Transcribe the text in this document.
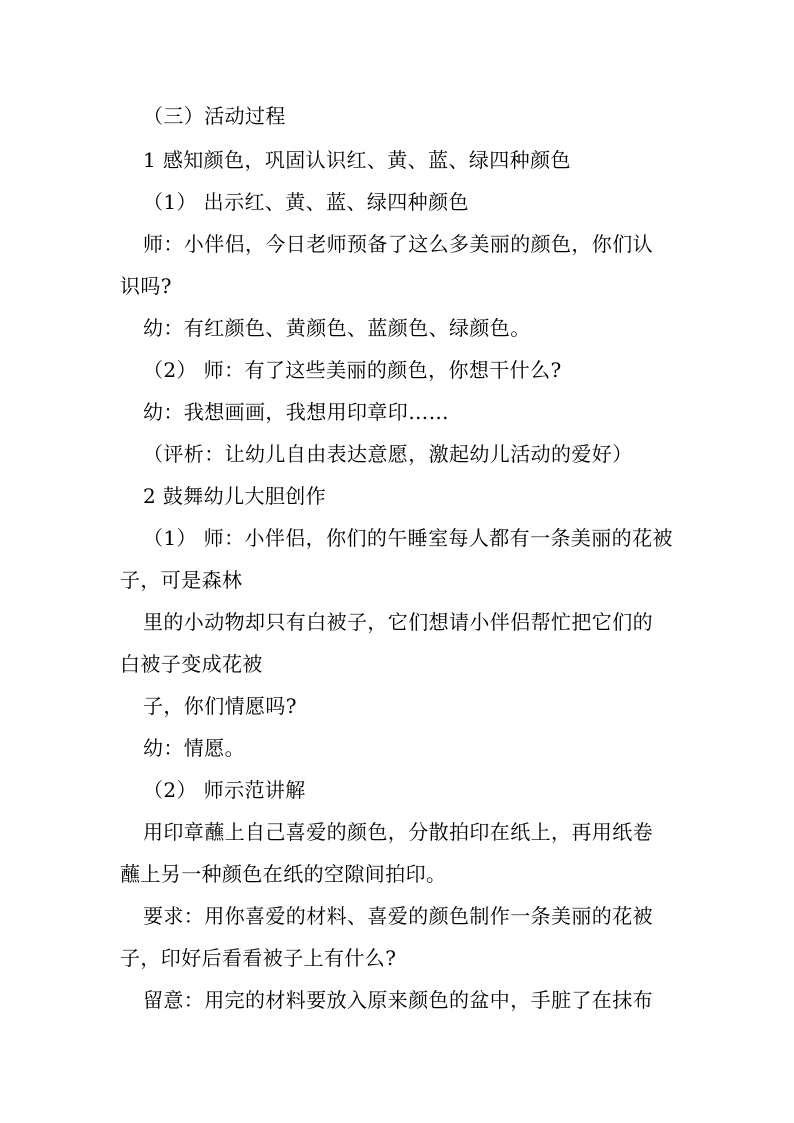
（三）活动过程
1 感知颜色，巩固认识红、黄、蓝、绿四种颜色
（1） 出示红、黄、蓝、绿四种颜色
师：小伴侣，今日老师预备了这么多美丽的颜色，你们认
识吗?
幼：有红颜色、黄颜色、蓝颜色、绿颜色。
（2） 师：有了这些美丽的颜色，你想干什么?
幼：我想画画，我想用印章印……
（评析：让幼儿自由表达意愿，激起幼儿活动的爱好）
2 鼓舞幼儿大胆创作
（1） 师：小伴侣，你们的午睡室每人都有一条美丽的花被
子，可是森林
里的小动物却只有白被子，它们想请小伴侣帮忙把它们的
白被子变成花被
子，你们情愿吗?
幼：情愿。
（2） 师示范讲解
用印章蘸上自己喜爱的颜色，分散拍印在纸上，再用纸卷
蘸上另一种颜色在纸的空隙间拍印。
要求：用你喜爱的材料、喜爱的颜色制作一条美丽的花被
子，印好后看看被子上有什么?
留意：用完的材料要放入原来颜色的盆中，手脏了在抹布
